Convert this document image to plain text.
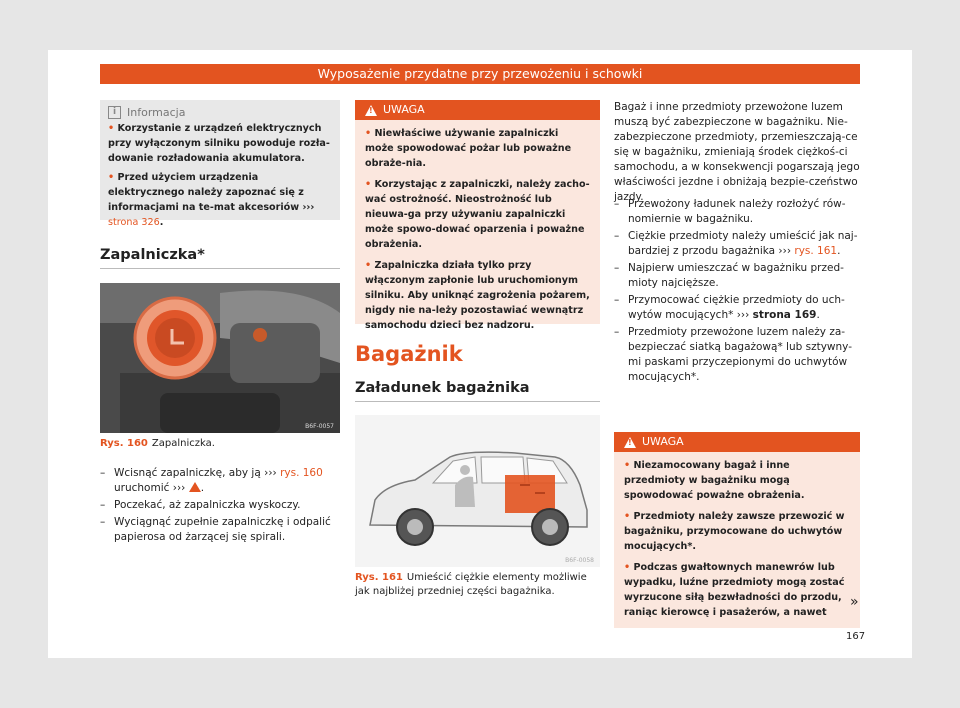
Wyposażenie przydatne przy przewożeniu i schowki
i Informacja
• Korzystanie z urządzeń elektrycznych przy wyłączonym silniku powoduje rozła-dowanie rozładowania akumulatora.
• Przed użyciem urządzenia elektrycznego należy zapoznać się z informacjami na te-mat akcesoriów ››› strona 326.
Zapalniczka*
B6F-0057
Rys. 160 Zapalniczka.
– Wcisnąć zapalniczkę, aby ją ››› rys. 160 uruchomić ››› .
– Poczekać, aż zapalniczka wyskoczy.
– Wyciągnąć zupełnie zapalniczkę i odpalić papierosa od żarzącej się spirali.
! UWAGA
• Niewłaściwe używanie zapalniczki może spowodować pożar lub poważne obraże-nia.
• Korzystając z zapalniczki, należy zacho-wać ostrożność. Nieostrożność lub nieuwa-ga przy używaniu zapalniczki może spowo-dować oparzenia i poważne obrażenia.
• Zapalniczka działa tylko przy włączonym zapłonie lub uruchomionym silniku. Aby uniknąć zagrożenia pożarem, nigdy nie na-leży pozostawiać wewnątrz samochodu dzieci bez nadzoru.
Bagażnik
Załadunek bagażnika
B6F-0058
Rys. 161 Umieścić ciężkie elementy możliwie jak najbliżej przedniej części bagażnika.
Bagaż i inne przedmioty przewożone luzem muszą być zabezpieczone w bagażniku. Nie-zabezpieczone przedmioty, przemieszczają-ce się w bagażniku, zmieniają środek ciężkoś-ci samochodu, a w konsekwencji pogarszają jego właściwości jezdne i obniżają bezpie-czeństwo jazdy.
– Przewożony ładunek należy rozłożyć rów-nomiernie w bagażniku.
– Ciężkie przedmioty należy umieścić jak naj-bardziej z przodu bagażnika ››› rys. 161.
– Najpierw umieszczać w bagażniku przed-mioty najcięższe.
– Przymocować ciężkie przedmioty do uch-wytów mocujących* ››› strona 169.
– Przedmioty przewożone luzem należy za-bezpieczać siatką bagażową* lub sztywny-mi paskami przyczepionymi do uchwytów mocujących*.
! UWAGA
• Niezamocowany bagaż i inne przedmioty w bagażniku mogą spowodować poważne obrażenia.
• Przedmioty należy zawsze przewozić w bagażniku, przymocowane do uchwytów mocujących*.
• Podczas gwałtownych manewrów lub wypadku, luźne przedmioty mogą zostać wyrzucone siłą bezwładności do przodu, raniąc kierowcę i pasażerów, a nawet
»
167
